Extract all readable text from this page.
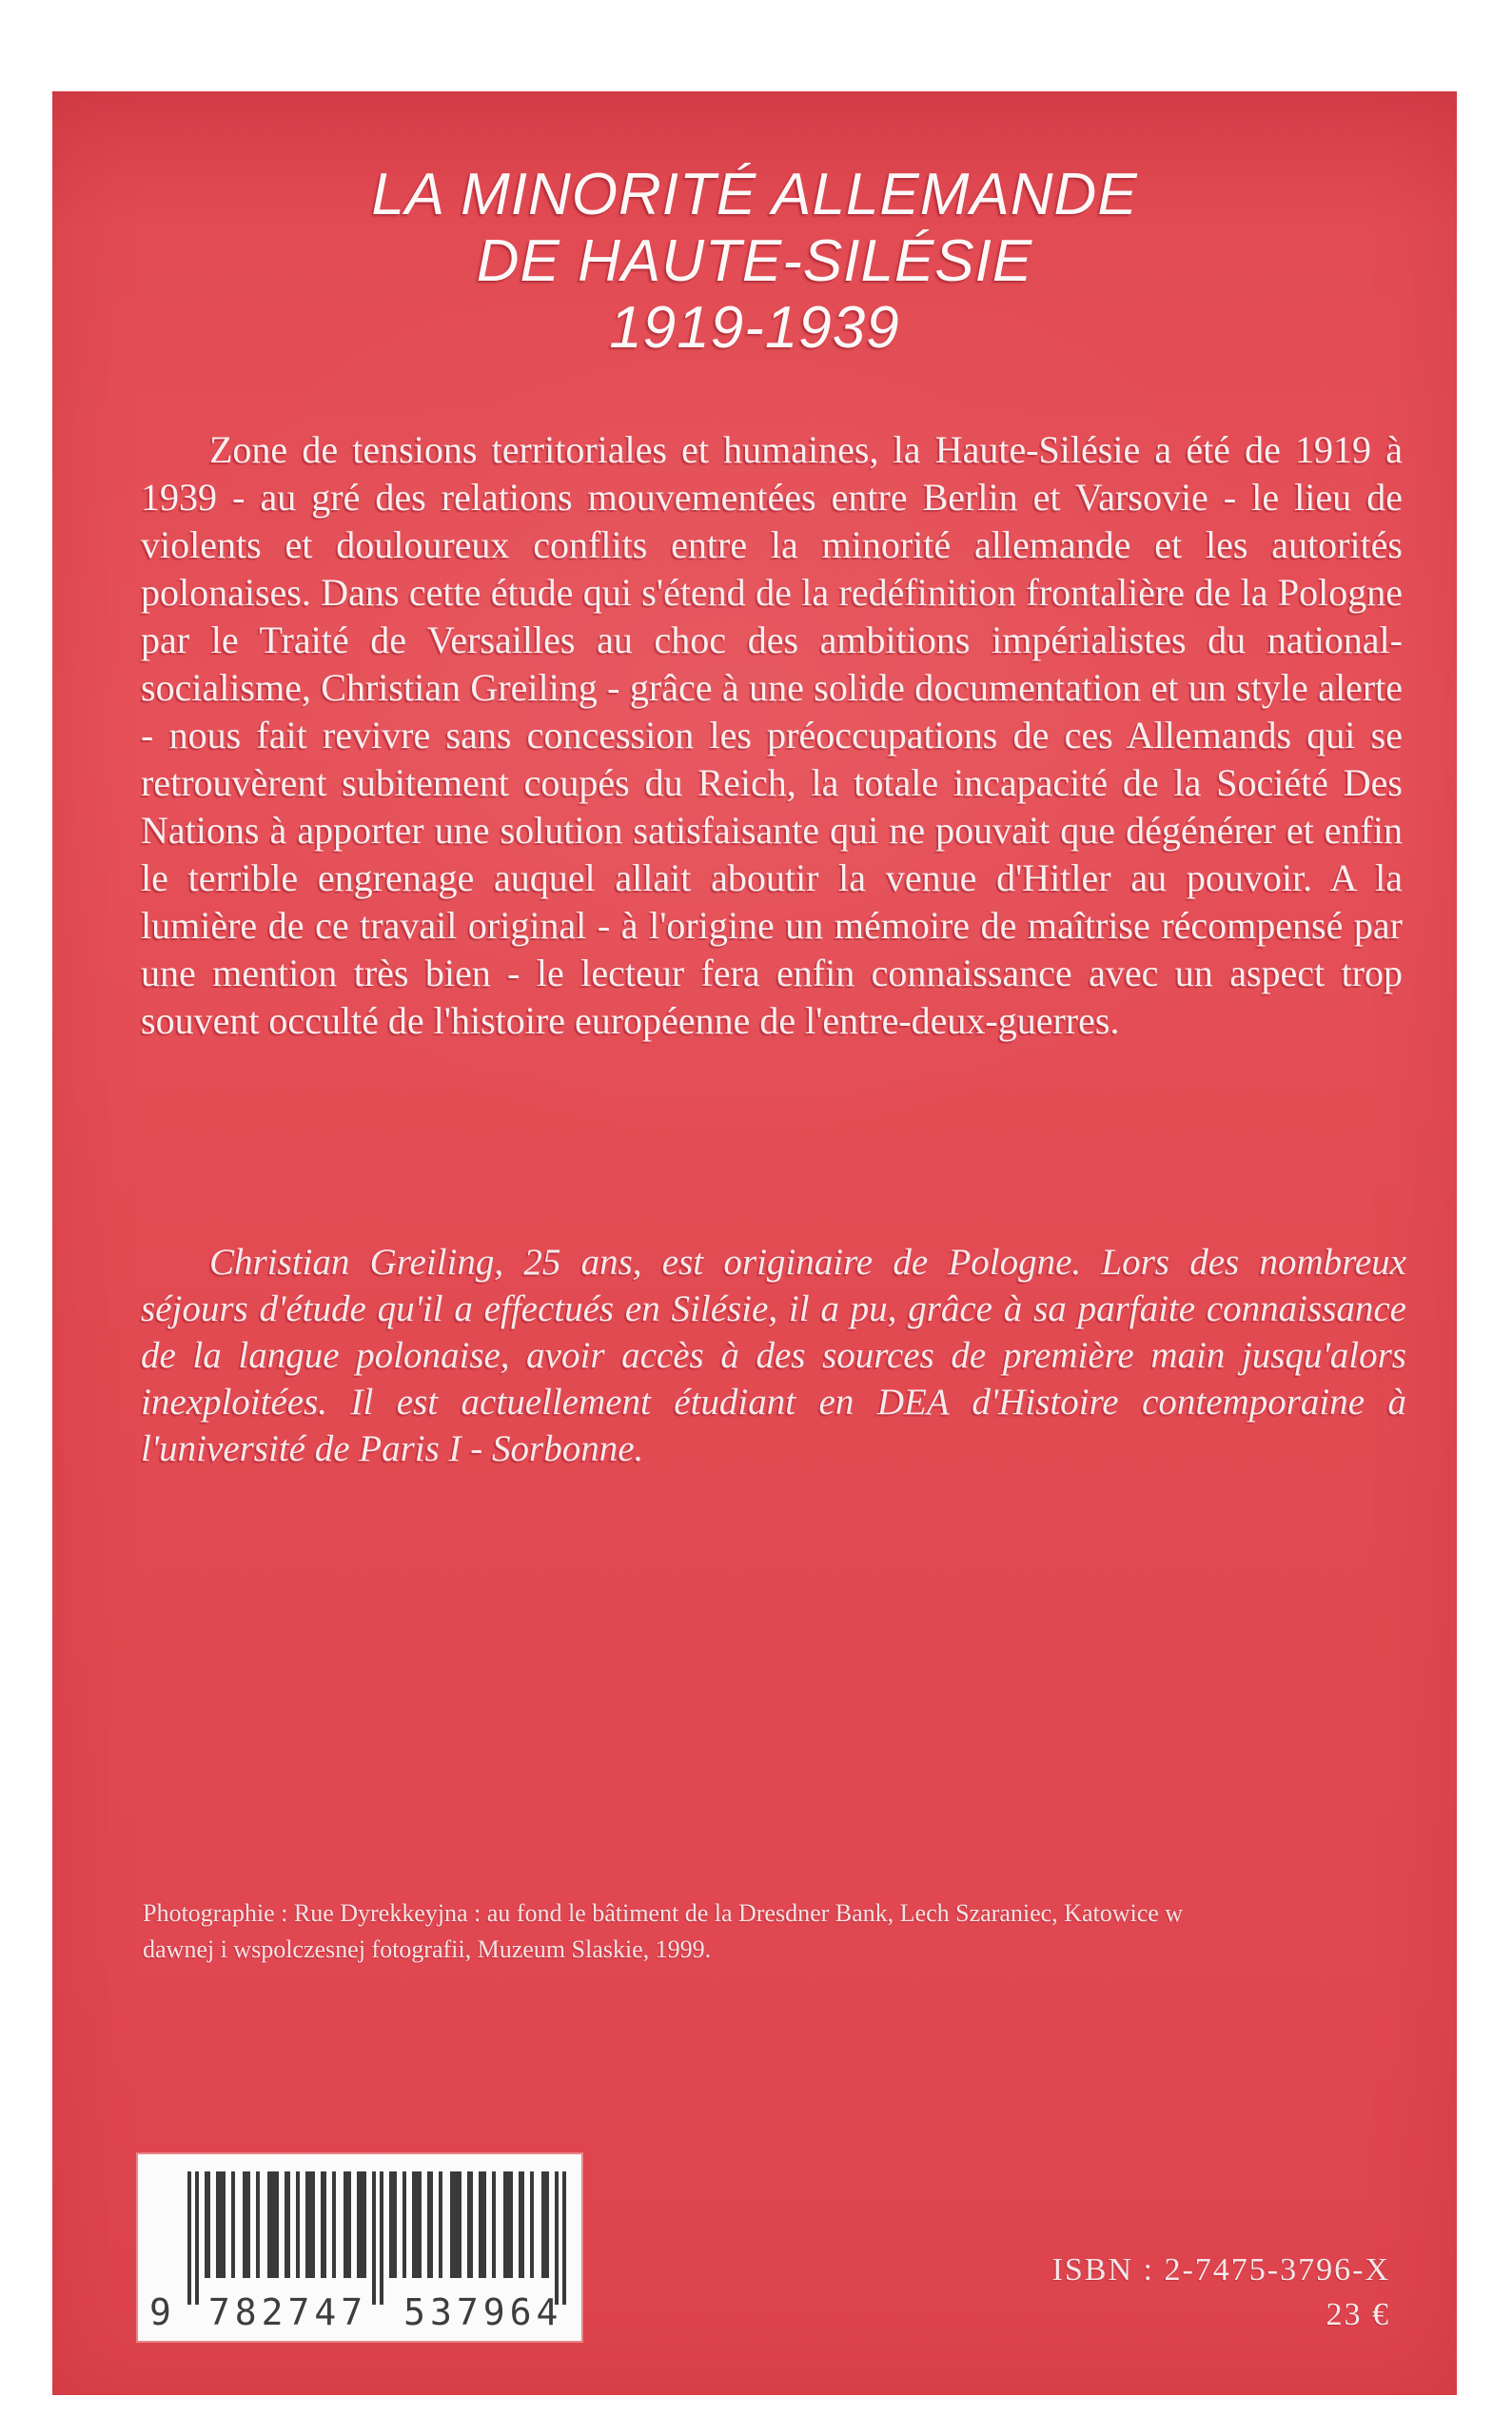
LA MINORITÉ ALLEMANDE
DE HAUTE-SILÉSIE
1919-1939

Zone de tensions territoriales et humaines, la Haute-Silésie a été de 1919 à 1939 - au gré des relations mouvementées entre Berlin et Varsovie - le lieu de violents et douloureux conflits entre la minorité allemande et les autorités polonaises. Dans cette étude qui s'étend de la redéfinition frontalière de la Pologne par le Traité de Versailles au choc des ambitions impérialistes du national-socialisme, Christian Greiling - grâce à une solide documentation et un style alerte - nous fait revivre sans concession les préoccupations de ces Allemands qui se retrouvèrent subitement coupés du Reich, la totale incapacité de la Société Des Nations à apporter une solution satisfaisante qui ne pouvait que dégénérer et enfin le terrible engrenage auquel allait aboutir la venue d'Hitler au pouvoir. A la lumière de ce travail original - à l'origine un mémoire de maîtrise récompensé par une mention très bien - le lecteur fera enfin connaissance avec un aspect trop souvent occulté de l'histoire européenne de l'entre-deux-guerres.

Christian Greiling, 25 ans, est originaire de Pologne. Lors des nombreux séjours d'étude qu'il a effectués en Silésie, il a pu, grâce à sa parfaite connaissance de la langue polonaise, avoir accès à des sources de première main jusqu'alors inexploitées. Il est actuellement étudiant en DEA d'Histoire contemporaine à l'université de Paris I - Sorbonne.

Photographie : Rue Dyrekkeyjna : au fond le bâtiment de la Dresdner Bank, Lech Szaraniec, Katowice w
dawnej i wspolczesnej fotografii, Muzeum Slaskie, 1999.
9 782747 537964
ISBN : 2-7475-3796-X
23 €
